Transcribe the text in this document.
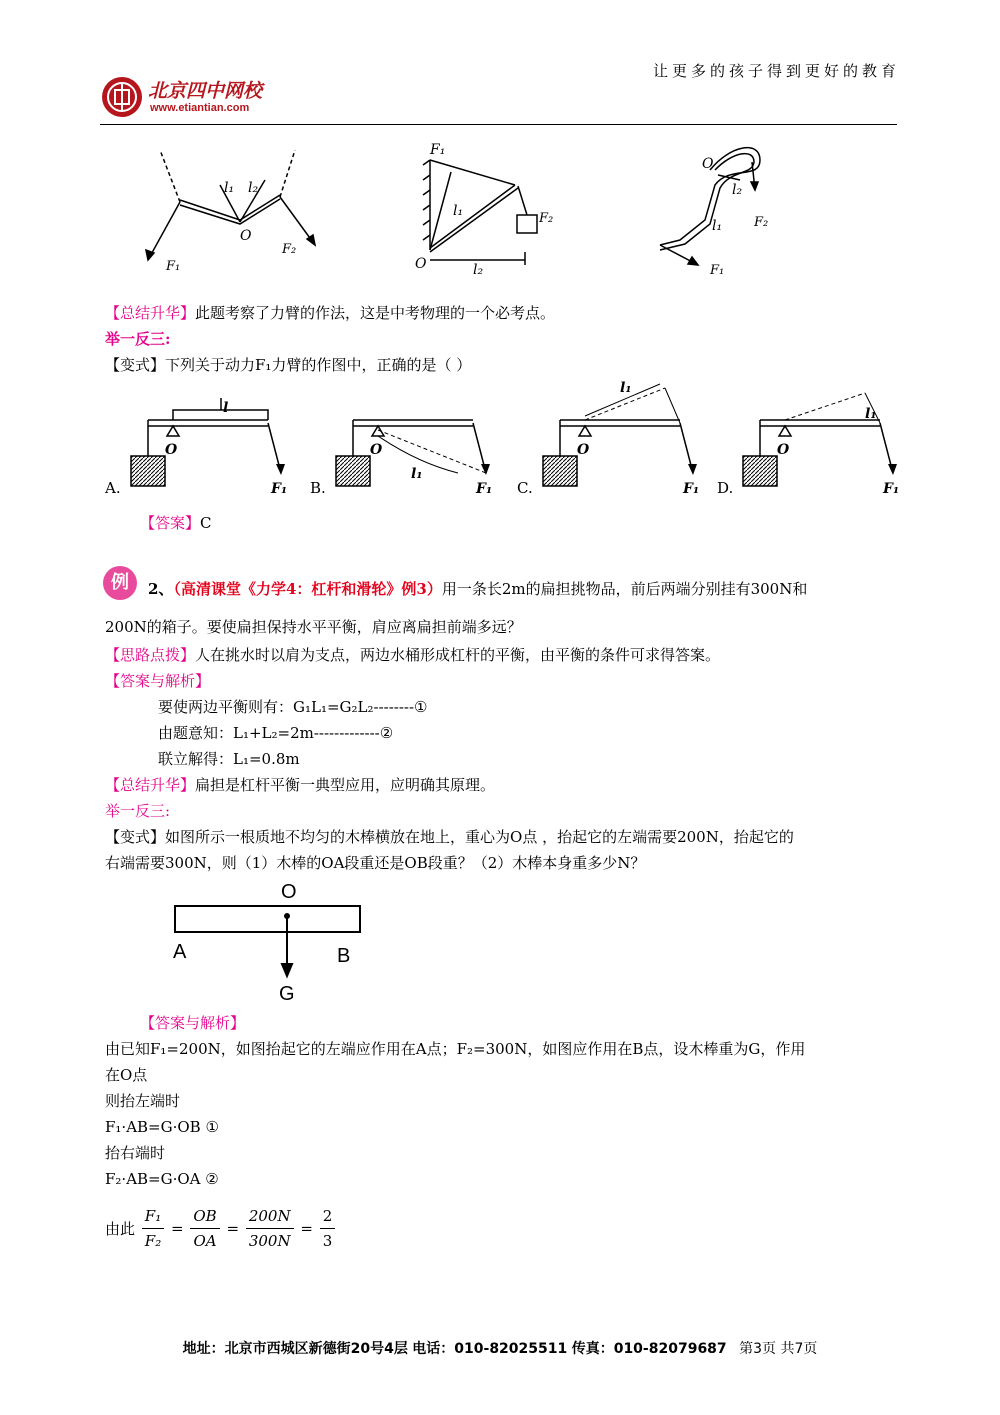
北京四中网校
www.etiantian.com
让更多的孩子得到更好的教育
F₁
l₁ l₂
O
F₂
F₁
l₁	F₂
O	l₂
O
l₂
l₁ F₂
F₁
【总结升华】此题考察了力臂的作法，这是中考物理的一个必考点。
举一反三:
【变式】下列关于动力F₁力臂的作图中，正确的是（ ）
O
l
F₁
A.
O
l₁
F₁
B.
O
l₁
F₁
C.
O
l₁
F₁
D.
【答案】C
例	2、（高清课堂《力学4：杠杆和滑轮》例3）用一条长2m的扁担挑物品，前后两端分别挂有300N和
200N的箱子。要使扁担保持水平平衡，肩应离扁担前端多远？
【思路点拨】人在挑水时以肩为支点，两边水桶形成杠杆的平衡，由平衡的条件可求得答案。
【答案与解析】
要使两边平衡则有：G₁L₁=G₂L₂--------①
由题意知：L₁+L₂=2m-------------②
联立解得：L₁=0.8m
【总结升华】扁担是杠杆平衡一典型应用，应明确其原理。
举一反三:
【变式】如图所示一根质地不均匀的木棒横放在地上，重心为O点 ，抬起它的左端需要200N，抬起它的
右端需要300N，则（1）木棒的OA段重还是OB段重？（2）木棒本身重多少N？
O
A	B
G
【答案与解析】
由已知F₁=200N，如图抬起它的左端应作用在A点；F₂=300N，如图应作用在B点，设木棒重为G，作用
在O点
则抬左端时
F₁·AB=G·OB ①
抬右端时
F₂·AB=G·OA ②
由此 $\frac{\text{F₁}}{\text{F₂}} = \frac{OB}{OA} = \frac{200N}{300N} = \frac{2}{3}$
地址：北京市西城区新德街20号4层 电话：010-82025511 传真：010-82079687 第3页 共7页
